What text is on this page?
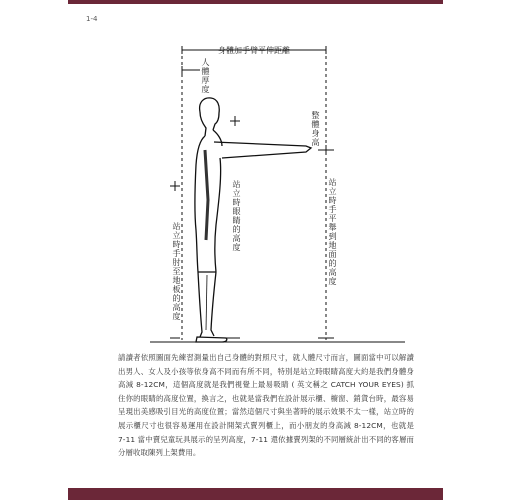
1-4
身體加手臂平伸距離
人體厚度
整體身高
站立時眼睛的高度
站立時手平舉到地面的高度
站立時手肘至地板的高度
請讀者依照圖面先練習測量出自己身體的對照尺寸，就人體尺寸而言，圖面當中可以解讀出男人、女人及小孩等依身高不同而有所不同，特別是站立時眼睛高度大約是我們身體身高減 8-12CM，這個高度就是我們視覺上最易吸睛 ( 英文稱之 CATCH YOUR EYES) 抓住你的眼睛的高度位置，換言之，也就是當我們在設計展示櫃、櫥窗、銷貨台時，最容易呈現出美感吸引目光的高度位置；當然這個尺寸與坐著時的展示效果不太一樣，站立時的展示櫃尺寸也很容易運用在設計開架式賣列櫃上，而小朋友的身高減 8-12CM，也就是 7-11 當中賣兒童玩具展示的呈列高度，7-11 還依據賣列架的不同層統計出不同的客層而分層收取陳列上架費用。
